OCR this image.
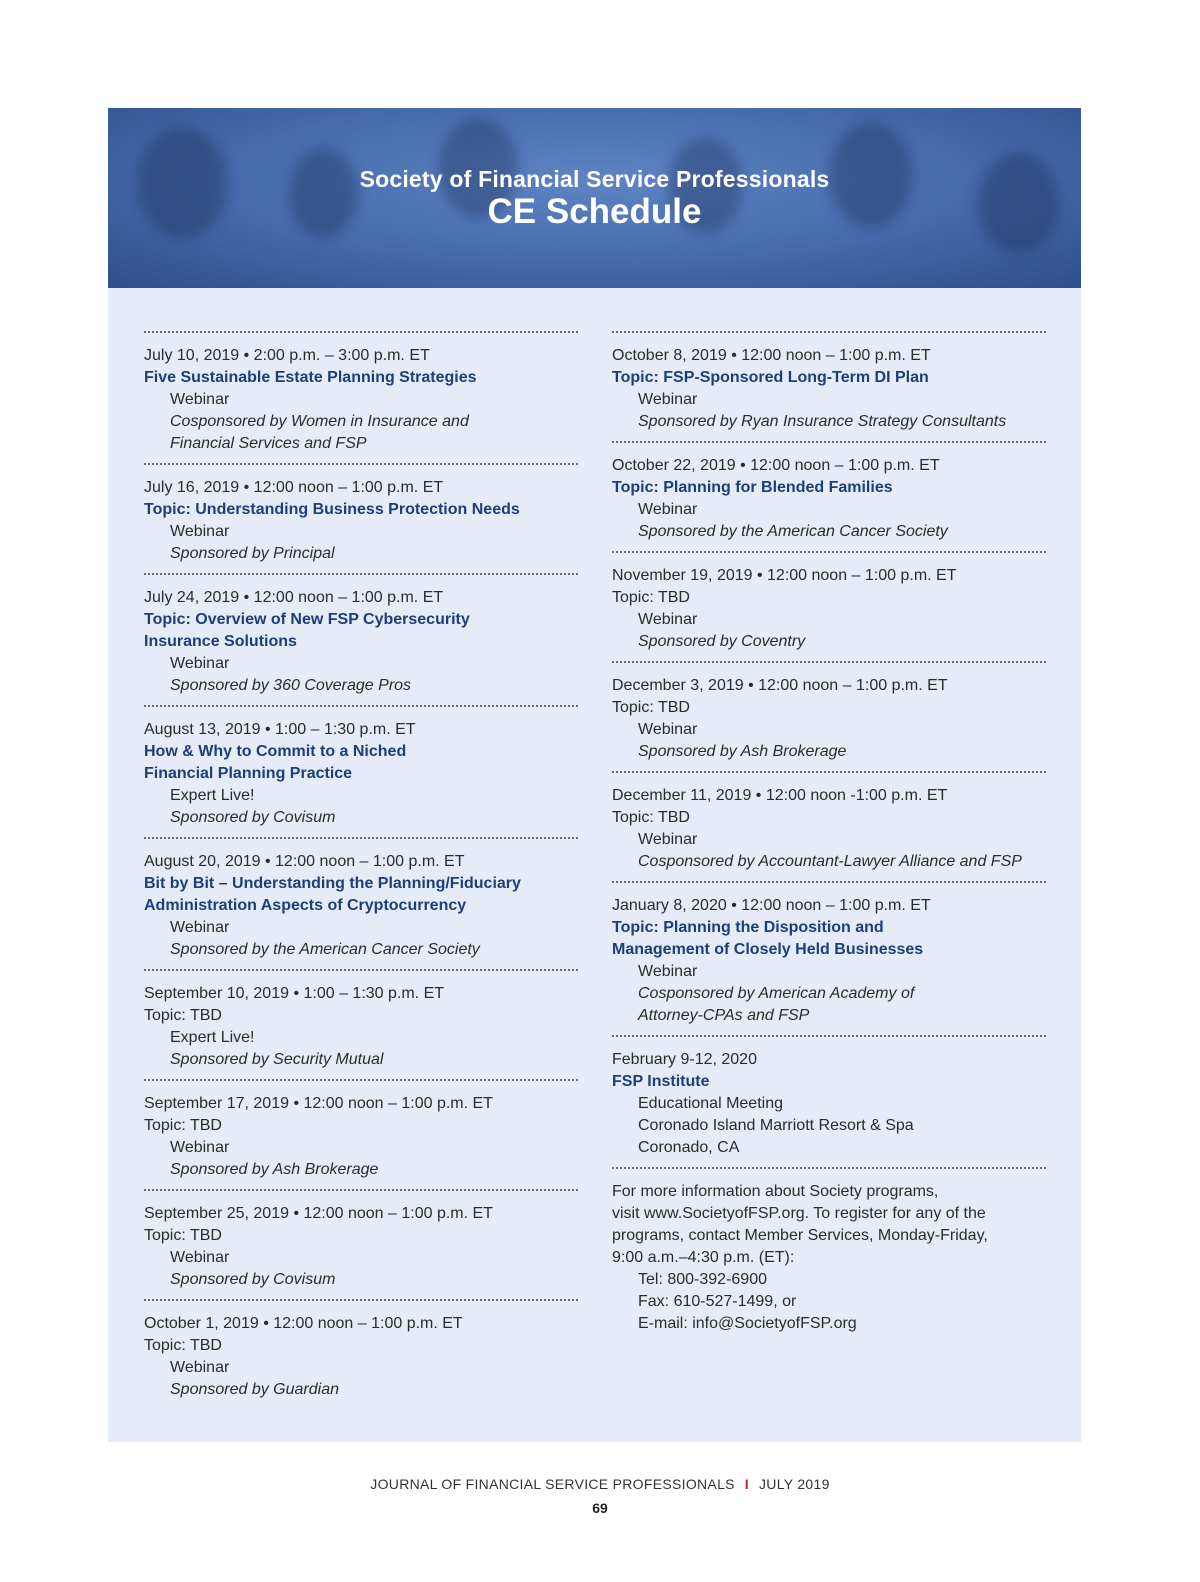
Society of Financial Service Professionals
CE Schedule
July 10, 2019 • 2:00 p.m. – 3:00 p.m. ET
Five Sustainable Estate Planning Strategies
Webinar
Cosponsored by Women in Insurance and
Financial Services and FSP
July 16, 2019 • 12:00 noon – 1:00 p.m. ET
Topic: Understanding Business Protection Needs
Webinar
Sponsored by Principal
July 24, 2019 • 12:00 noon – 1:00 p.m. ET
Topic: Overview of New FSP Cybersecurity
Insurance Solutions
Webinar
Sponsored by 360 Coverage Pros
August 13, 2019 • 1:00 – 1:30 p.m. ET
How & Why to Commit to a Niched
Financial Planning Practice
Expert Live!
Sponsored by Covisum
August 20, 2019 • 12:00 noon – 1:00 p.m. ET
Bit by Bit – Understanding the Planning/Fiduciary
Administration Aspects of Cryptocurrency
Webinar
Sponsored by the American Cancer Society
September 10, 2019 • 1:00 – 1:30 p.m. ET
Topic: TBD
Expert Live!
Sponsored by Security Mutual
September 17, 2019 • 12:00 noon – 1:00 p.m. ET
Topic: TBD
Webinar
Sponsored by Ash Brokerage
September 25, 2019 • 12:00 noon – 1:00 p.m. ET
Topic: TBD
Webinar
Sponsored by Covisum
October 1, 2019 • 12:00 noon – 1:00 p.m. ET
Topic: TBD
Webinar
Sponsored by Guardian
October 8, 2019 • 12:00 noon – 1:00 p.m. ET
Topic: FSP-Sponsored Long-Term DI Plan
Webinar
Sponsored by Ryan Insurance Strategy Consultants
October 22, 2019 • 12:00 noon – 1:00 p.m. ET
Topic: Planning for Blended Families
Webinar
Sponsored by the American Cancer Society
November 19, 2019 • 12:00 noon – 1:00 p.m. ET
Topic: TBD
Webinar
Sponsored by Coventry
December 3, 2019 • 12:00 noon – 1:00 p.m. ET
Topic: TBD
Webinar
Sponsored by Ash Brokerage
December 11, 2019 • 12:00 noon -1:00 p.m. ET
Topic: TBD
Webinar
Cosponsored by Accountant-Lawyer Alliance and FSP
January 8, 2020 • 12:00 noon – 1:00 p.m. ET
Topic: Planning the Disposition and
Management of Closely Held Businesses
Webinar
Cosponsored by American Academy of
Attorney-CPAs and FSP
February 9-12, 2020
FSP Institute
Educational Meeting
Coronado Island Marriott Resort & Spa
Coronado, CA
For more information about Society programs,
visit www.SocietyofFSP.org. To register for any of the
programs, contact Member Services, Monday-Friday,
9:00 a.m.–4:30 p.m. (ET):
Tel: 800-392-6900
Fax: 610-527-1499, or
E-mail: info@SocietyofFSP.org
JOURNAL OF FINANCIAL SERVICE PROFESSIONALS I JULY 2019
69
